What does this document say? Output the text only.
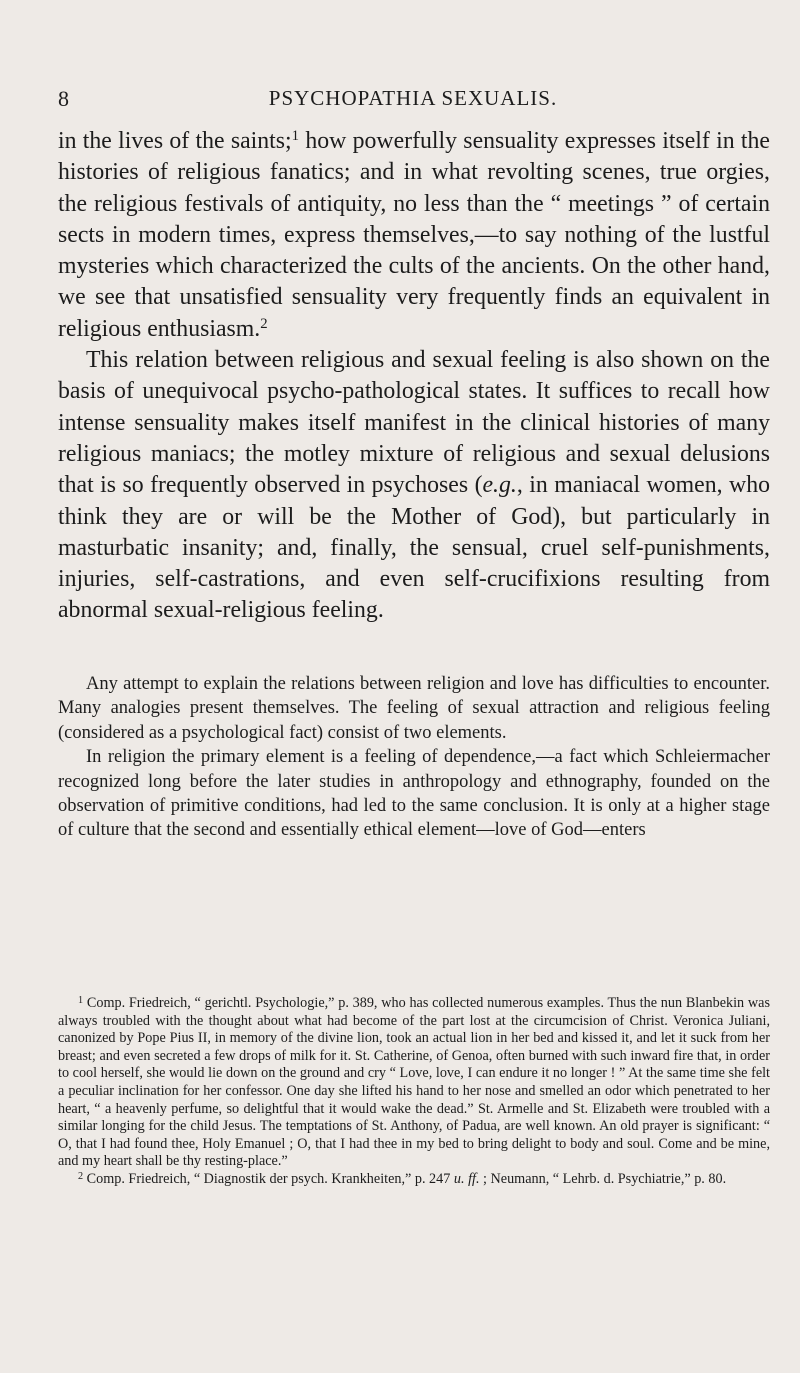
8	PSYCHOPATHIA SEXUALIS.

in the lives of the saints;$^1$ how powerfully sensuality expresses itself in the histories of religious fanatics; and in what revolting scenes, true orgies, the religious festivals of antiquity, no less than the “ meetings ” of certain sects in modern times, express themselves,—to say nothing of the lustful mysteries which characterized the cults of the ancients. On the other hand, we see that unsatisfied sensuality very frequently finds an equivalent in religious enthusiasm.$^2$

This relation between religious and sexual feeling is also shown on the basis of unequivocal psycho-pathological states. It suffices to recall how intense sensuality makes itself manifest in the clinical histories of many religious maniacs; the motley mixture of religious and sexual delusions that is so frequently observed in psychoses (e.g., in maniacal women, who think they are or will be the Mother of God), but particularly in masturbatic insanity; and, finally, the sensual, cruel self-punishments, injuries, self-castrations, and even self-crucifixions resulting from abnormal sexual-religious feeling.

Any attempt to explain the relations between religion and love has difficulties to encounter. Many analogies present themselves. The feeling of sexual attraction and religious feeling (considered as a psychological fact) consist of two elements.

In religion the primary element is a feeling of dependence,—a fact which Schleiermacher recognized long before the later studies in anthropology and ethnography, founded on the observation of primitive conditions, had led to the same conclusion. It is only at a higher stage of culture that the second and essentially ethical element—love of God—enters

$^1$ Comp. Friedreich, “ gerichtl. Psychologie,” p. 389, who has collected numerous examples. Thus the nun Blanbekin was always troubled with the thought about what had become of the part lost at the circumcision of Christ. Veronica Juliani, canonized by Pope Pius II, in memory of the divine lion, took an actual lion in her bed and kissed it, and let it suck from her breast; and even secreted a few drops of milk for it. St. Catherine, of Genoa, often burned with such inward fire that, in order to cool herself, she would lie down on the ground and cry “ Love, love, I can endure it no longer ! ” At the same time she felt a peculiar inclination for her confessor. One day she lifted his hand to her nose and smelled an odor which penetrated to her heart, “ a heavenly perfume, so delightful that it would wake the dead.” St. Armelle and St. Elizabeth were troubled with a similar longing for the child Jesus. The temptations of St. Anthony, of Padua, are well known. An old prayer is significant: “ O, that I had found thee, Holy Emanuel ; O, that I had thee in my bed to bring delight to body and soul. Come and be mine, and my heart shall be thy resting-place.”

$^2$ Comp. Friedreich, “ Diagnostik der psych. Krankheiten,” p. 247 u. ff. ; Neumann, “ Lehrb. d. Psychiatrie,” p. 80.
